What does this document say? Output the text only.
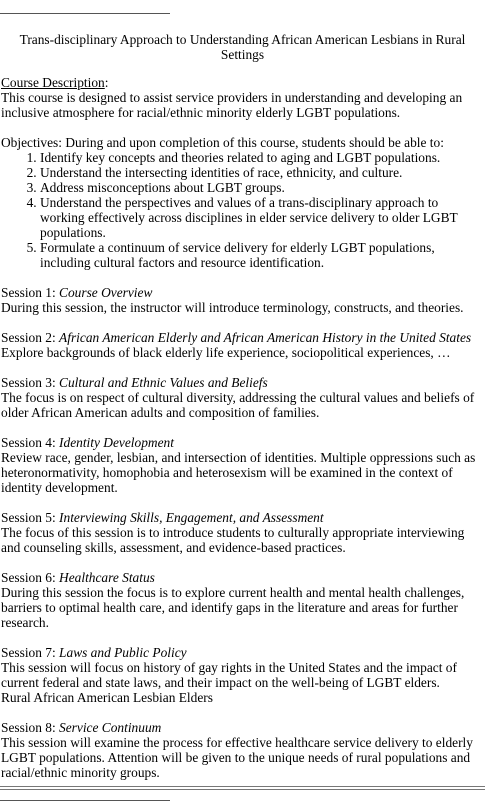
Trans-disciplinary Approach to Understanding African American Lesbians in Rural Settings

Course Description:

This course is designed to assist service providers in understanding and developing an inclusive atmosphere for racial/ethnic minority elderly LGBT populations.

Objectives: During and upon completion of this course, students should be able to:

1. Identify key concepts and theories related to aging and LGBT populations.
2. Understand the intersecting identities of race, ethnicity, and culture.
3. Address misconceptions about LGBT groups.
4. Understand the perspectives and values of a trans-disciplinary approach to working effectively across disciplines in elder service delivery to older LGBT populations.
5. Formulate a continuum of service delivery for elderly LGBT populations, including cultural factors and resource identification.

Session 1: Course Overview

During this session, the instructor will introduce terminology, constructs, and theories.

Session 2: African American Elderly and African American History in the United States

Explore backgrounds of black elderly life experience, sociopolitical experiences, …

Session 3: Cultural and Ethnic Values and Beliefs

The focus is on respect of cultural diversity, addressing the cultural values and beliefs of older African American adults and composition of families.

Session 4: Identity Development

Review race, gender, lesbian, and intersection of identities. Multiple oppressions such as heteronormativity, homophobia and heterosexism will be examined in the context of identity development.

Session 5: Interviewing Skills, Engagement, and Assessment

The focus of this session is to introduce students to culturally appropriate interviewing and counseling skills, assessment, and evidence-based practices.

Session 6: Healthcare Status

During this session the focus is to explore current health and mental health challenges, barriers to optimal health care, and identify gaps in the literature and areas for further research.

Session 7: Laws and Public Policy

This session will focus on history of gay rights in the United States and the impact of current federal and state laws, and their impact on the well-being of LGBT elders.

Rural African American Lesbian Elders

Session 8: Service Continuum

This session will examine the process for effective healthcare service delivery to elderly LGBT populations. Attention will be given to the unique needs of rural populations and racial/ethnic minority groups.
